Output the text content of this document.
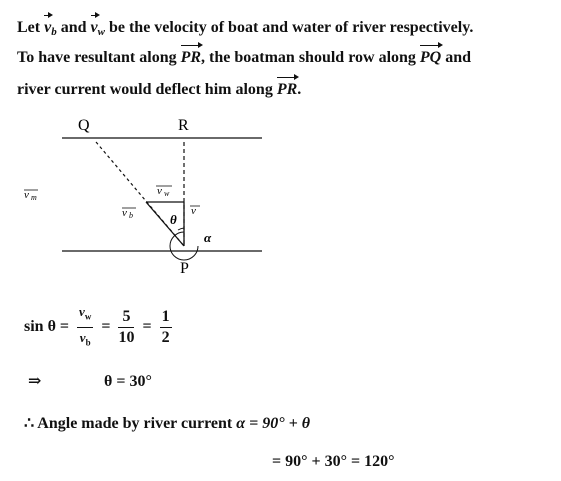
Let $v_b$ and $v_w$ be the velocity of boat and water of river respectively.
To have resultant along PR, the boatman should row along PQ and
river current would deflect him along PR.
Q	R
P
θ
α
v m
v b
v w
v
$\sin \theta = \frac{v_w}{v_b} = \frac{5}{10} = \frac{1}{2}$
⇒	θ = 30°
∴ Angle made by river current α = 90° + θ
= 90° + 30° = 120°
